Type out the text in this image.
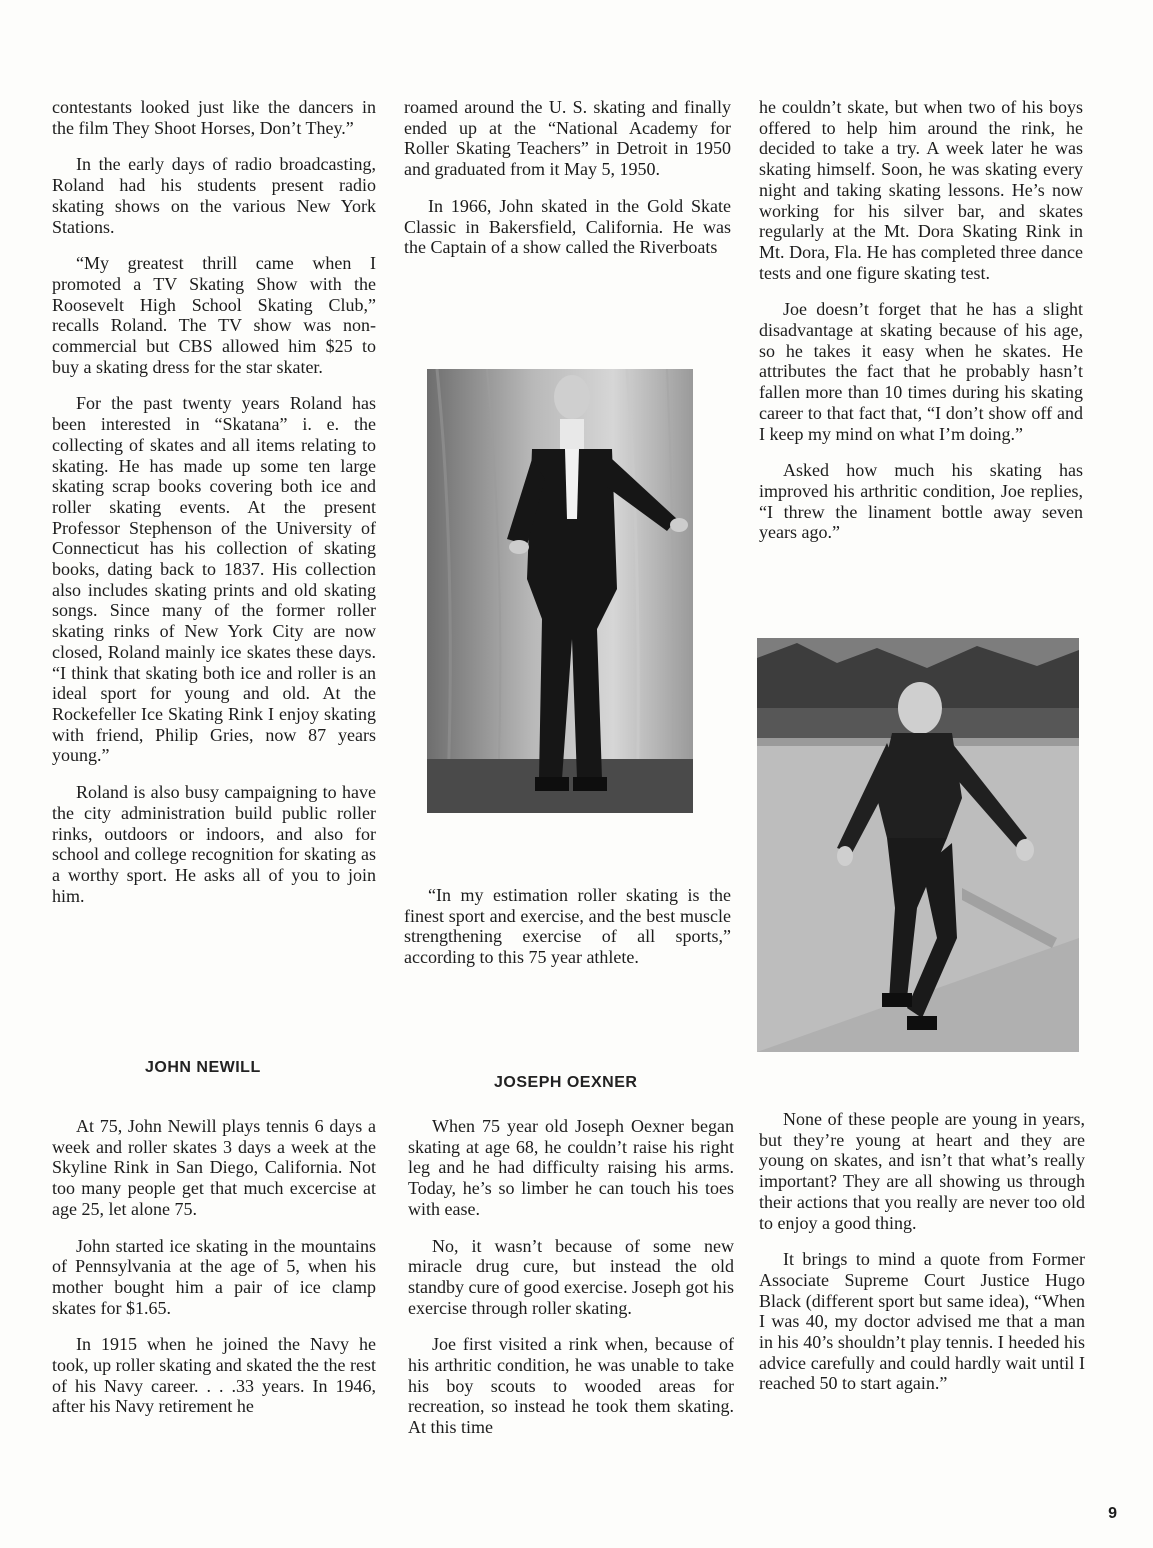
contestants looked just like the dancers in the film They Shoot Horses, Don’t They.”

In the early days of radio broadcasting, Roland had his students present radio skating shows on the various New York Stations.

“My greatest thrill came when I promoted a TV Skating Show with the Roosevelt High School Skating Club,” recalls Roland. The TV show was non-commercial but CBS allowed him $25 to buy a skating dress for the star skater.

For the past twenty years Roland has been interested in “Skatana” i. e. the collecting of skates and all items relating to skating. He has made up some ten large skating scrap books covering both ice and roller skating events. At the present Professor Stephenson of the University of Connecticut has his collection of skating books, dating back to 1837. His collection also includes skating prints and old skating songs. Since many of the former roller skating rinks of New York City are now closed, Roland mainly ice skates these days. “I think that skating both ice and roller is an ideal sport for young and old. At the Rockefeller Ice Skating Rink I enjoy skating with friend, Philip Gries, now 87 years young.”

Roland is also busy campaigning to have the city administration build public roller rinks, outdoors or indoors, and also for school and college recognition for skating as a worthy sport. He asks all of you to join him.

roamed around the U. S. skating and finally ended up at the “National Academy for Roller Skating Teachers” in Detroit in 1950 and graduated from it May 5, 1950.

In 1966, John skated in the Gold Skate Classic in Bakersfield, California. He was the Captain of a show called the Riverboats

“In my estimation roller skating is the finest sport and exercise, and the best muscle strengthening exercise of all sports,” according to this 75 year athlete.

he couldn’t skate, but when two of his boys offered to help him around the rink, he decided to take a try. A week later he was skating himself. Soon, he was skating every night and taking skating lessons. He’s now working for his silver bar, and skates regularly at the Mt. Dora Skating Rink in Mt. Dora, Fla. He has completed three dance tests and one figure skating test.

Joe doesn’t forget that he has a slight disadvantage at skating because of his age, so he takes it easy when he skates. He attributes the fact that he probably hasn’t fallen more than 10 times during his skating career to that fact that, “I don’t show off and I keep my mind on what I’m doing.”

Asked how much his skating has improved his arthritic condition, Joe replies, “I threw the linament bottle away seven years ago.”

JOHN NEWILL
JOSEPH OEXNER

At 75, John Newill plays tennis 6 days a week and roller skates 3 days a week at the Skyline Rink in San Diego, California. Not too many people get that much excercise at age 25, let alone 75.

John started ice skating in the mountains of Pennsylvania at the age of 5, when his mother bought him a pair of ice clamp skates for $1.65.

In 1915 when he joined the Navy he took, up roller skating and skated the the rest of his Navy career. . . .33 years. In 1946, after his Navy retirement he

When 75 year old Joseph Oexner began skating at age 68, he couldn’t raise his right leg and he had difficulty raising his arms. Today, he’s so limber he can touch his toes with ease.

No, it wasn’t because of some new miracle drug cure, but instead the old standby cure of good exercise. Joseph got his exercise through roller skating.

Joe first visited a rink when, because of his arthritic condition, he was unable to take his boy scouts to wooded areas for recreation, so instead he took them skating. At this time

None of these people are young in years, but they’re young at heart and they are young on skates, and isn’t that what’s really important? They are all showing us through their actions that you really are never too old to enjoy a good thing.

It brings to mind a quote from Former Associate Supreme Court Justice Hugo Black (different sport but same idea), “When I was 40, my doctor advised me that a man in his 40’s shouldn’t play tennis. I heeded his advice carefully and could hardly wait until I reached 50 to start again.”

9
